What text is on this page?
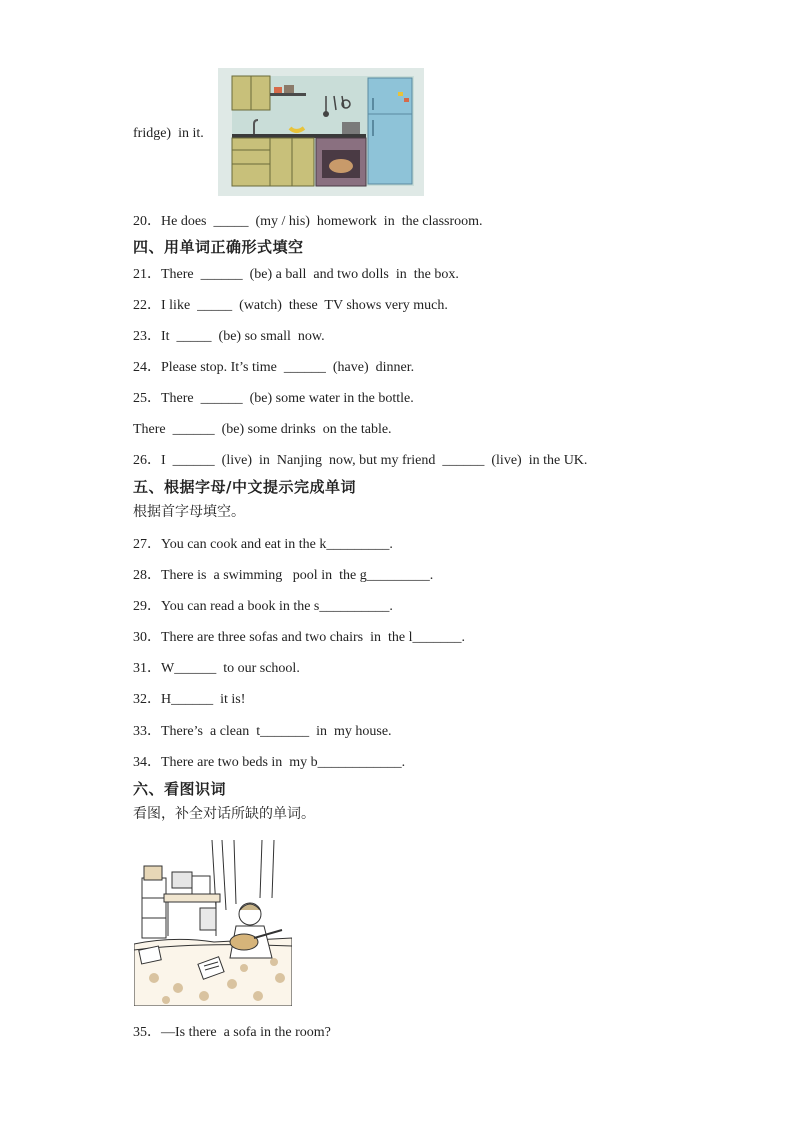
fridge)  in it.
20．He does  _____  (my / his)  homework  in  the classroom.
四、用单词正确形式填空
21．There  ______  (be) a ball  and two dolls  in  the box.
22．I like  _____  (watch)  these  TV shows very much.
23．It  _____  (be) so small  now.
24．Please stop. It’s time  ______  (have)  dinner.
25．There  ______  (be) some water in the bottle.
There  ______  (be) some drinks  on the table.
26．I  ______  (live)  in  Nanjing  now, but my friend  ______  (live)  in the UK.
五、根据字母/中文提示完成单词
根据首字母填空。
27．You can cook and eat in the k_________.
28．There is  a swimming   pool in  the g_________.
29．You can read a book in the s__________.
30．There are three sofas and two chairs  in  the l_______.
31．W______  to our school.
32．H______  it is!
33．There’s  a clean  t_______  in  my house.
34．There are two beds in  my b____________.
六、看图识词
看图，补全对话所缺的单词。
35．—Is there  a sofa in the room?
